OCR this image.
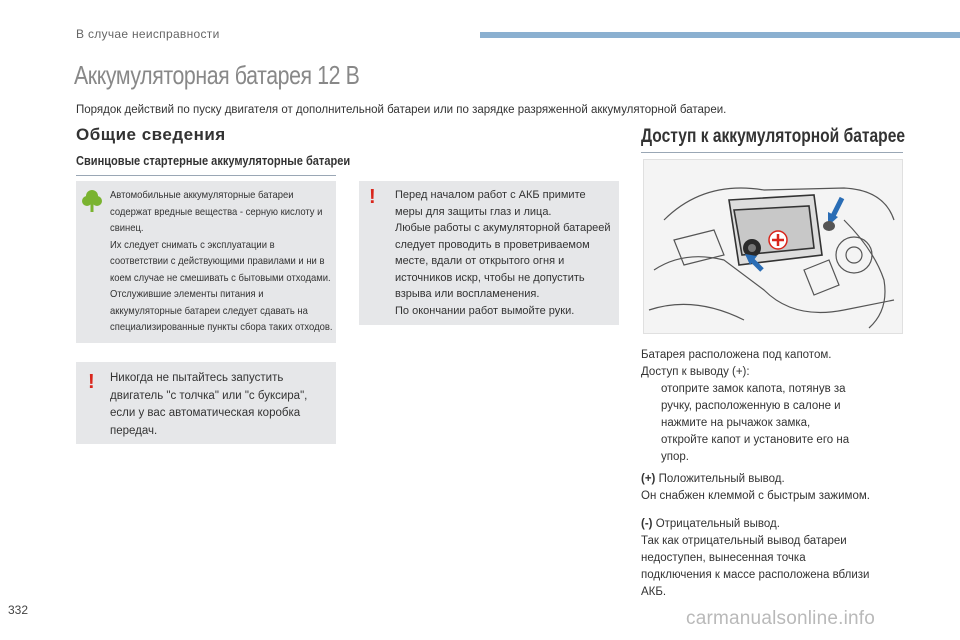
В случае неисправности
Аккумуляторная батарея 12 В
Порядок действий по пуску двигателя от дополнительной батареи или по зарядке разряженной аккумуляторной батареи.
Общие сведения
Свинцовые стартерные аккумуляторные батареи

Автомобильные аккумуляторные батареи

содержат вредные вещества - серную кислоту и

свинец.

Их следует снимать с эксплуатации в

соответствии с действующими правилами и ни в

коем случае не смешивать с бытовыми отходами.

Отслужившие элементы питания и

аккумуляторные батареи следует сдавать на

специализированные пункты сбора таких отходов.

! Никогда не пытайтесь запустить

двигатель "с толчка" или "с буксира",

если у вас автоматическая коробка

передач.

! Перед началом работ с АКБ примите

меры для защиты глаз и лица.

Любые работы с акумуляторной батареей

следует проводить в проветриваемом

месте, вдали от открытого огня и

источников искр, чтобы не допустить

взрыва или воспламенения.

По окончании работ вымойте руки.

Доступ к аккумуляторной батарее

Батарея расположена под капотом.

Доступ к выводу (+):

отоприте замок капота, потянув за

ручку, расположенную в салоне и

нажмите на рычажок замка,

откройте капот и установите его на

упор.

(+) Положительный вывод.

Он снабжен клеммой с быстрым зажимом.

(-) Отрицательный вывод.

Так как отрицательный вывод батареи

недоступен, вынесенная точка

подключения к массе расположена вблизи

АКБ.

332	carmanualsonline.info
